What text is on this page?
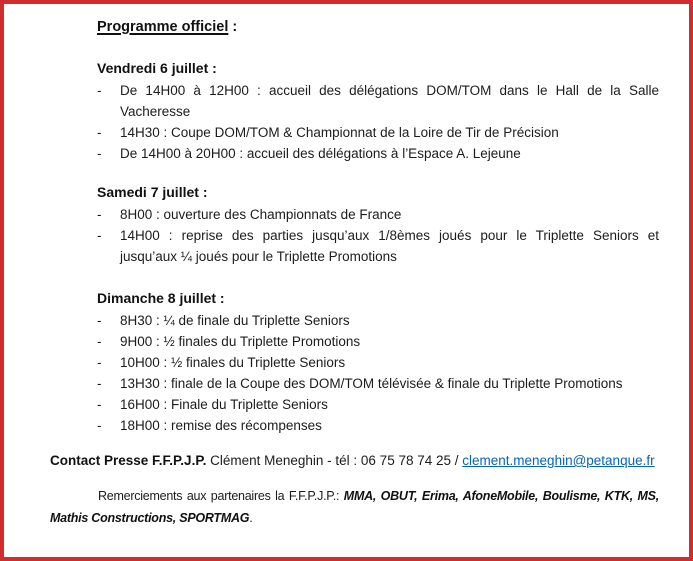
Programme officiel :
Vendredi 6 juillet :
- De 14H00 à 12H00 : accueil des délégations DOM/TOM dans le Hall de la Salle
Vacheresse
- 14H30 : Coupe DOM/TOM & Championnat de la Loire de Tir de Précision
- De 14H00 à 20H00 : accueil des délégations à l’Espace A. Lejeune
Samedi 7 juillet :
- 8H00 : ouverture des Championnats de France
- 14H00 : reprise des parties jusqu’aux 1/8èmes joués pour le Triplette Seniors et
jusqu’aux ¼ joués pour le Triplette Promotions
Dimanche 8 juillet :
- 8H30 : ¼ de finale du Triplette Seniors
- 9H00 : ½ finales du Triplette Promotions
- 10H00 : ½ finales du Triplette Seniors
- 13H30 : finale de la Coupe des DOM/TOM télévisée & finale du Triplette Promotions
- 16H00 : Finale du Triplette Seniors
- 18H00 : remise des récompenses
Contact Presse F.F.P.J.P. Clément Meneghin - tél : 06 75 78 74 25 / clement.meneghin@petanque.fr
Remerciements aux partenaires la F.F.P.J.P.: MMA, OBUT, Erima, AfoneMobile, Boulisme, KTK, MS,
Mathis Constructions, SPORTMAG.
